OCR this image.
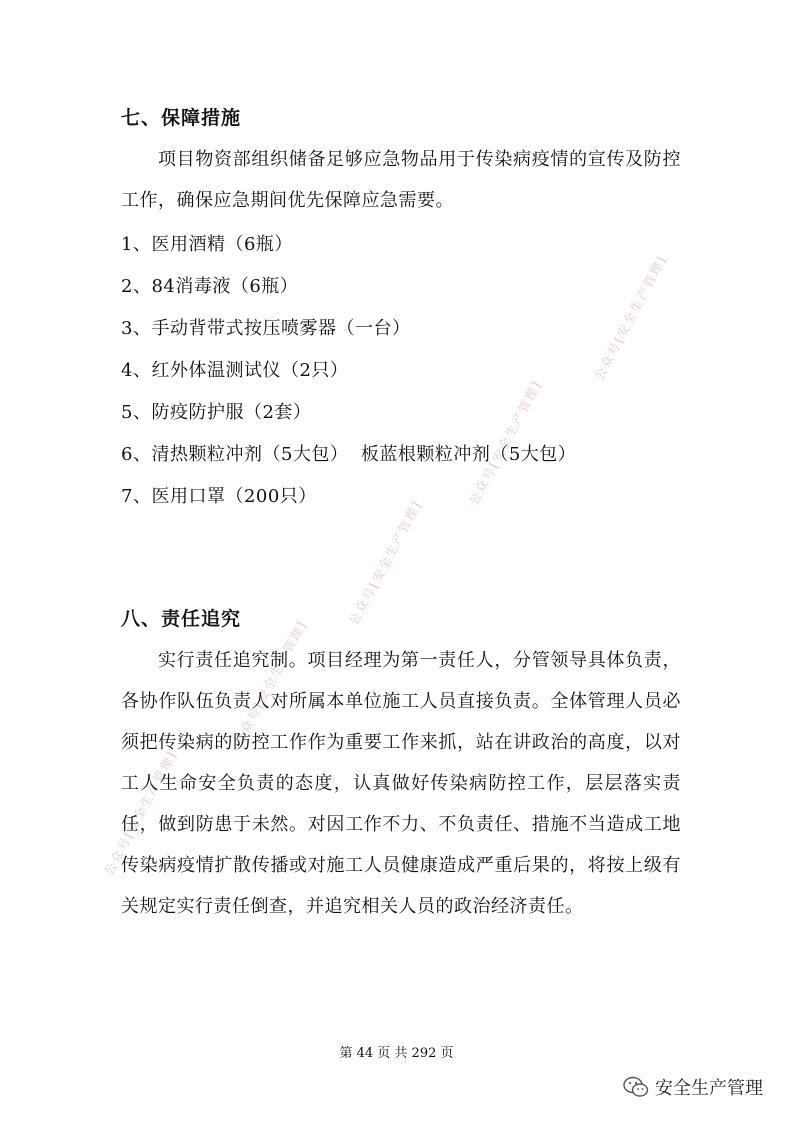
公众号[安全生产管理]
公众号[安全生产管理]
公众号[安全生产管理]
公众号[安全生产管理]
公众号[安全生产管理]
七、保障措施
项目物资部组织储备足够应急物品用于传染病疫情的宣传及防控工作，确保应急期间优先保障应急需要。
1、医用酒精（6瓶）
2、84消毒液（6瓶）
3、手动背带式按压喷雾器（一台）
4、红外体温测试仪（2只）
5、防疫防护服（2套）
6、清热颗粒冲剂（5大包）  板蓝根颗粒冲剂（5大包）
7、医用口罩（200只）
八、责任追究
实行责任追究制。项目经理为第一责任人，分管领导具体负责，各协作队伍负责人对所属本单位施工人员直接负责。全体管理人员必须把传染病的防控工作作为重要工作来抓，站在讲政治的高度，以对工人生命安全负责的态度，认真做好传染病防控工作，层层落实责任，做到防患于未然。对因工作不力、不负责任、措施不当造成工地传染病疫情扩散传播或对施工人员健康造成严重后果的，将按上级有关规定实行责任倒查，并追究相关人员的政治经济责任。
第 44 页 共 292 页
安全生产管理
